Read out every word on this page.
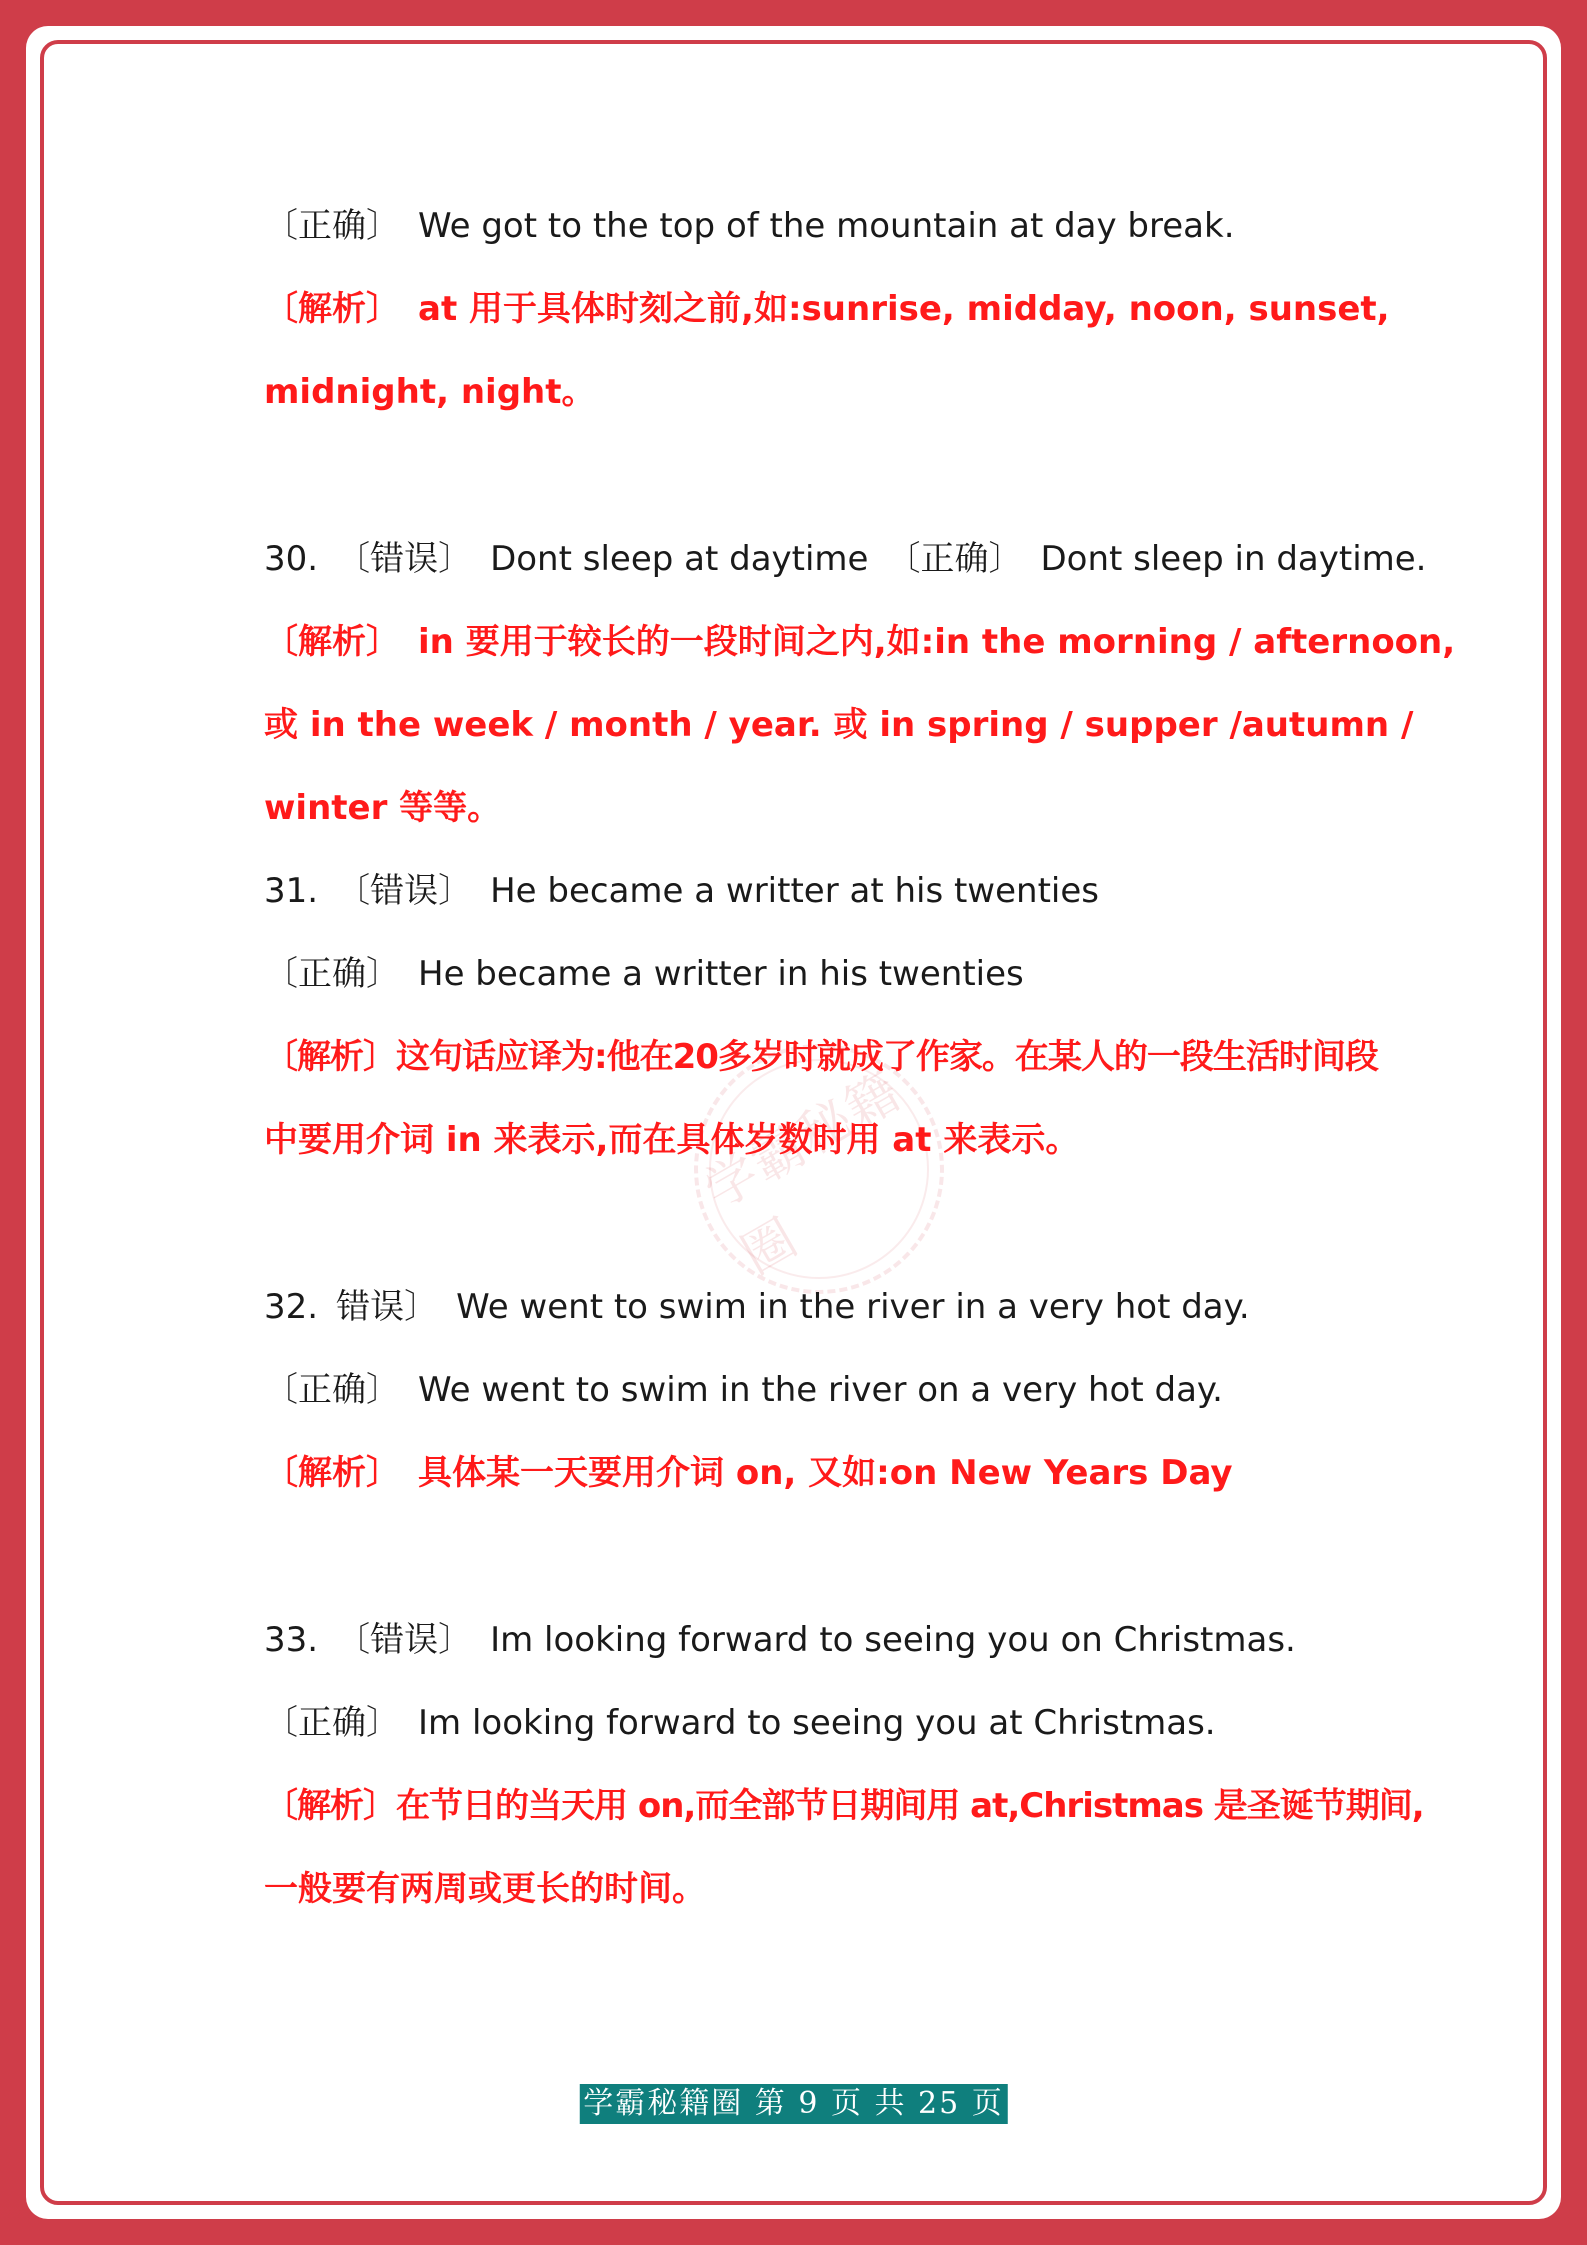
学霸秘籍圈
〔正确〕 We got to the top of the mountain at day break.
〔解析〕 at 用于具体时刻之前,如:sunrise, midday, noon, sunset,
midnight, night。
30. 〔错误〕 Dont sleep at daytime 〔正确〕 Dont sleep in daytime.
〔解析〕 in 要用于较长的一段时间之内,如:in the morning / afternoon,
或 in the week / month / year. 或 in spring / supper /autumn /
winter 等等。
31. 〔错误〕 He became a writter at his twenties
〔正确〕 He became a writter in his twenties
〔解析〕这句话应译为:他在20多岁时就成了作家。在某人的一段生活时间段
中要用介词 in 来表示,而在具体岁数时用 at 来表示。
32. 错误〕 We went to swim in the river in a very hot day.
〔正确〕 We went to swim in the river on a very hot day.
〔解析〕 具体某一天要用介词 on, 又如:on New Years Day
33. 〔错误〕 Im looking forward to seeing you on Christmas.
〔正确〕 Im looking forward to seeing you at Christmas.
〔解析〕在节日的当天用 on,而全部节日期间用 at,Christmas 是圣诞节期间,
一般要有两周或更长的时间。
学霸秘籍圈 第 9 页 共 25 页
